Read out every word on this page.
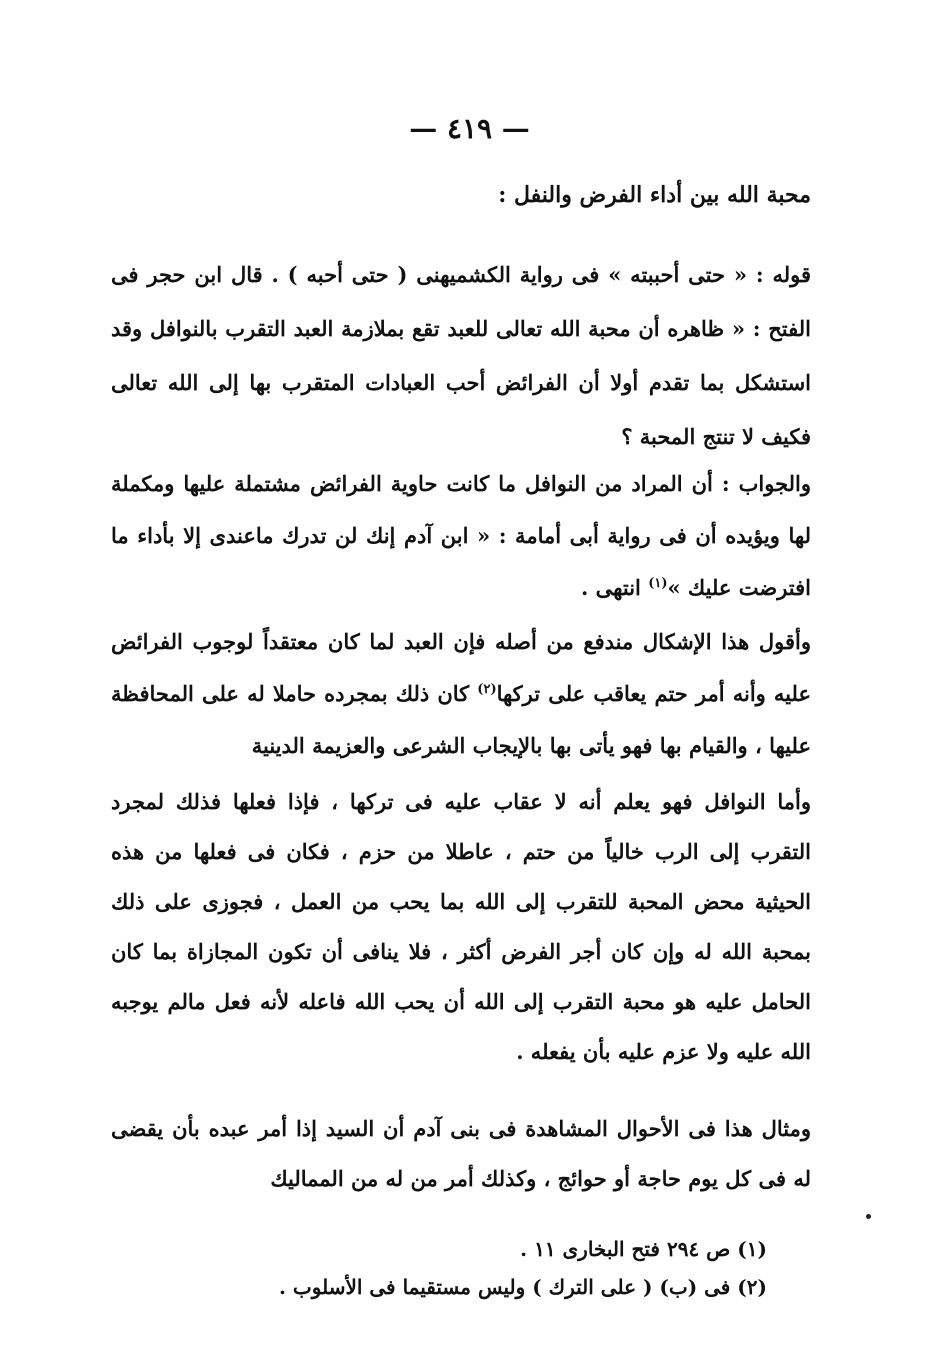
— ٤١٩ —
محبة الله بين أداء الفرض والنفل :

قوله : « حتى أحببته » فى رواية الكشميهنى ( حتى أحبه ) . قال ابن حجر فى الفتح : « ظاهره أن محبة الله تعالى للعبد تقع بملازمة العبد التقرب بالنوافل وقد استشكل بما تقدم أولا أن الفرائض أحب العبادات المتقرب بها إلى الله تعالى فكيف لا تنتج المحبة ؟

والجواب : أن المراد من النوافل ما كانت حاوية الفرائض مشتملة عليها ومكملة لها ويؤيده أن فى رواية أبى أمامة : « ابن آدم إنك لن تدرك ماعندى إلا بأداء ما افترضت عليك »$^{(١)}$ انتهى .

وأقول هذا الإشكال مندفع من أصله فإن العبد لما كان معتقداً لوجوب الفرائض عليه وأنه أمر حتم يعاقب على تركها$^{(٢)}$ كان ذلك بمجرده حاملا له على المحافظة عليها ، والقيام بها فهو يأتى بها بالإيجاب الشرعى والعزيمة الدينية

وأما النوافل فهو يعلم أنه لا عقاب عليه فى تركها ، فإذا فعلها فذلك لمجرد التقرب إلى الرب خالياً من حتم ، عاطلا من حزم ، فكان فى فعلها من هذه الحيثية محض المحبة للتقرب إلى الله بما يحب من العمل ، فجوزى على ذلك بمحبة الله له وإن كان أجر الفرض أكثر ، فلا ينافى أن تكون المجازاة بما كان الحامل عليه هو محبة التقرب إلى الله أن يحب الله فاعله لأنه فعل مالم يوجبه الله عليه ولا عزم عليه بأن يفعله .

ومثال هذا فى الأحوال المشاهدة فى بنى آدم أن السيد إذا أمر عبده بأن يقضى له فى كل يوم حاجة أو حوائج ، وكذلك أمر من له من المماليك

(١) ص ٢٩٤ فتح البخارى ١١ .

(٢) فى (ب) ( على الترك ) وليس مستقيما فى الأسلوب .
